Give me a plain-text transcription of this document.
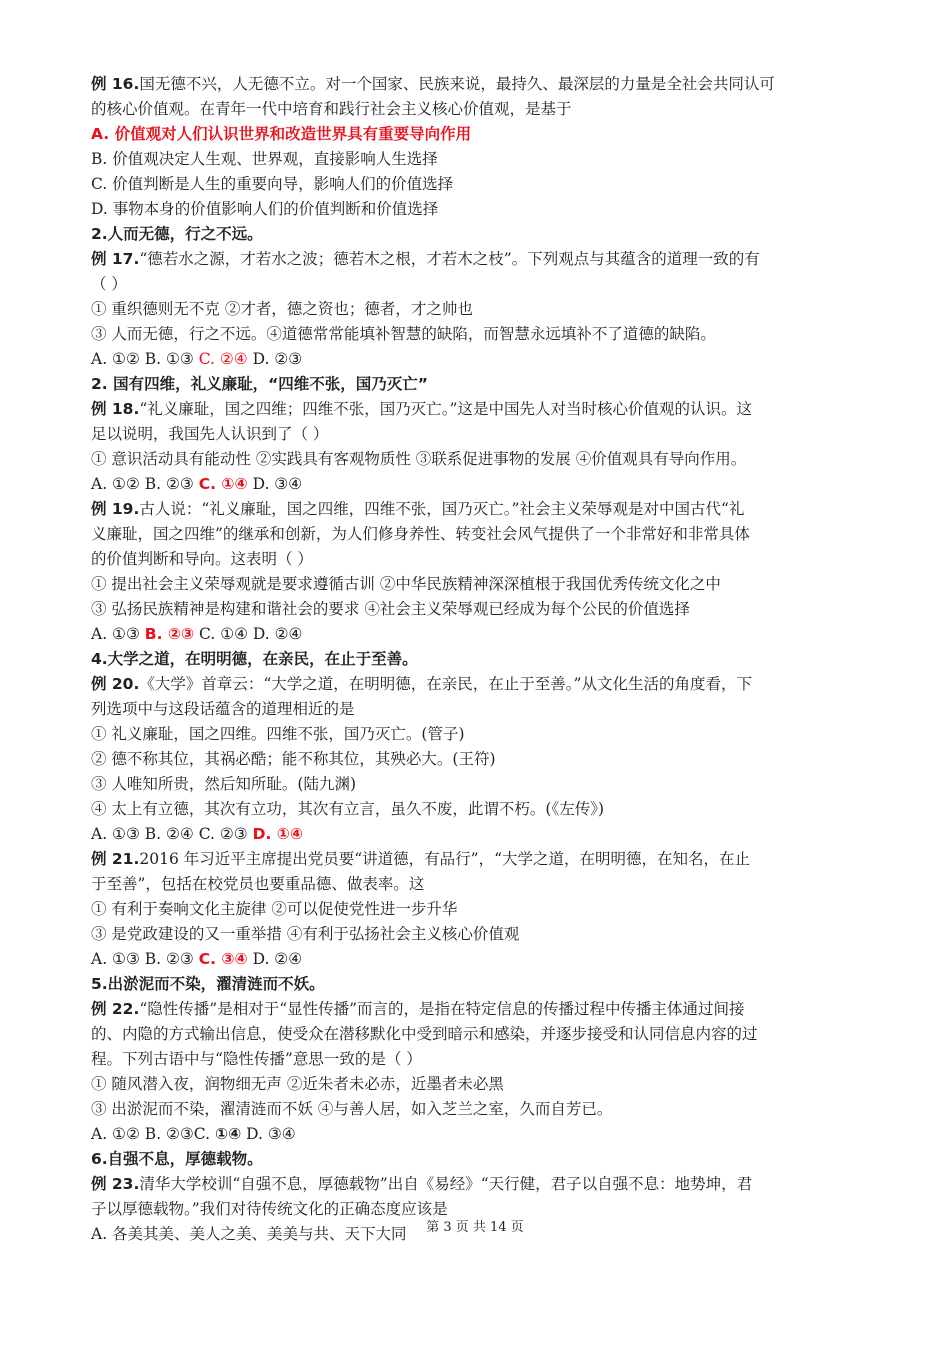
例 16.国无德不兴，人无德不立。对一个国家、民族来说，最持久、最深层的力量是全社会共同认可
的核心价值观。在青年一代中培育和践行社会主义核心价值观，是基于
A. 价值观对人们认识世界和改造世界具有重要导向作用
B. 价值观决定人生观、世界观，直接影响人生选择
C. 价值判断是人生的重要向导，影响人们的价值选择
D. 事物本身的价值影响人们的价值判断和价值选择
2.人而无德，行之不远。
例 17.“德若水之源，才若水之波；德若木之根，才若木之枝”。下列观点与其蕴含的道理一致的有
（ ）
① 重织德则无不克 ②才者，德之资也；德者，才之帅也
③ 人而无德，行之不远。④道德常常能填补智慧的缺陷，而智慧永远填补不了道德的缺陷。
A. ①② B. ①③ C. ②④ D. ②③
2. 国有四维，礼义廉耻，“四维不张，国乃灭亡”
例 18.“礼义廉耻，国之四维；四维不张，国乃灭亡。”这是中国先人对当时核心价值观的认识。这
足以说明，我国先人认识到了（ ）
① 意识活动具有能动性 ②实践具有客观物质性 ③联系促进事物的发展 ④价值观具有导向作用。
A. ①② B. ②③ C. ①④ D. ③④
例 19.古人说：“礼义廉耻，国之四维，四维不张，国乃灭亡。”社会主义荣辱观是对中国古代“礼
义廉耻，国之四维”的继承和创新，为人们修身养性、转变社会风气提供了一个非常好和非常具体
的价值判断和导向。这表明（ ）
① 提出社会主义荣辱观就是要求遵循古训 ②中华民族精神深深植根于我国优秀传统文化之中
③ 弘扬民族精神是构建和谐社会的要求 ④社会主义荣辱观已经成为每个公民的价值选择
A. ①③ B. ②③ C. ①④ D. ②④
4.大学之道，在明明德，在亲民，在止于至善。
例 20.《大学》首章云：“大学之道，在明明德，在亲民，在止于至善。”从文化生活的角度看，下
列选项中与这段话蕴含的道理相近的是
① 礼义廉耻，国之四维。四维不张，国乃灭亡。(管子)
② 德不称其位，其祸必酷；能不称其位，其殃必大。(王符)
③ 人唯知所贵，然后知所耻。(陆九渊)
④ 太上有立德，其次有立功，其次有立言，虽久不废，此谓不朽。(《左传》)
A. ①③ B. ②④ C. ②③ D. ①④
例 21.2016 年习近平主席提出党员要“讲道德，有品行”，“大学之道，在明明德，在知名，在止
于至善”，包括在校党员也要重品德、做表率。这
① 有利于奏响文化主旋律 ②可以促使党性进一步升华
③ 是党政建设的又一重举措 ④有利于弘扬社会主义核心价值观
A. ①③ B. ②③ C. ③④ D. ②④
5.出淤泥而不染，濯清涟而不妖。
例 22.“隐性传播”是相对于“显性传播”而言的，是指在特定信息的传播过程中传播主体通过间接
的、内隐的方式输出信息，使受众在潜移默化中受到暗示和感染，并逐步接受和认同信息内容的过
程。下列古语中与“隐性传播”意思一致的是（ ）
① 随风潜入夜，润物细无声 ②近朱者未必赤，近墨者未必黑
③ 出淤泥而不染，濯清涟而不妖 ④与善人居，如入芝兰之室，久而自芳已。
A. ①② B. ②③C. ①④ D. ③④
6.自强不息，厚德载物。
例 23.清华大学校训“自强不息，厚德载物”出自《易经》“天行健，君子以自强不息：地势坤，君
子以厚德载物。”我们对待传统文化的正确态度应该是
A. 各美其美、美人之美、美美与共、天下大同	第 3 页 共 14 页
